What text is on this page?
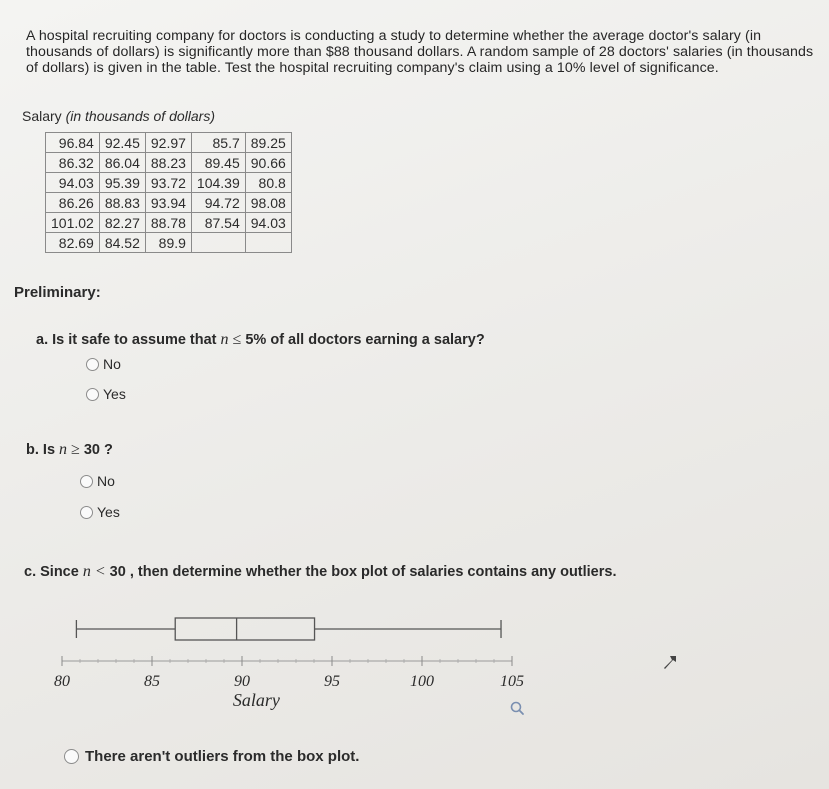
A hospital recruiting company for doctors is conducting a study to determine whether the average doctor's salary (in thousands of dollars) is significantly more than $88 thousand dollars. A random sample of 28 doctors' salaries (in thousands of dollars) is given in the table. Test the hospital recruiting company's claim using a 10% level of significance.

Salary (in thousands of dollars)
96.84	92.45	92.97	85.7	89.25
86.32	86.04	88.23	89.45	90.66
94.03	95.39	93.72	104.39	80.8
86.26	88.83	93.94	94.72	98.08
101.02	82.27	88.78	87.54	94.03
82.69	84.52	89.9		
Preliminary:
a. Is it safe to assume that n ≤ 5% of all doctors earning a salary?
No
Yes
b. Is n ≥ 30 ?
No
Yes
c. Since n < 30 , then determine whether the box plot of salaries contains any outliers.
80	85	90	95	100	105
Salary
There aren't outliers from the box plot.
